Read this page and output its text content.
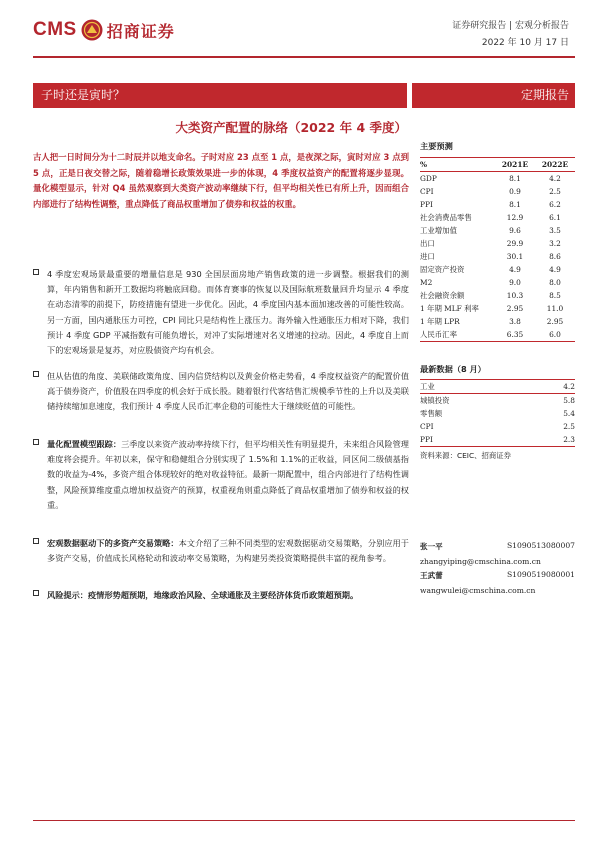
CMS 招商证券	证券研究报告 | 宏观分析报告
2022 年 10 月 17 日
子时还是寅时？	定期报告
大类资产配置的脉络（2022 年 4 季度）
古人把一日时间分为十二时辰并以地支命名。子时对应 23 点至 1 点，是夜深之际，寅时对应 3 点到 5 点，正是日夜交替之际，随着稳增长政策效果进一步的体现，4 季度权益资产的配置将逐步显现。量化模型显示，针对 Q4 虽然观察到大类资产波动率继续下行，但平均相关性已有所上升，因而组合内部进行了结构性调整，重点降低了商品权重增加了债券和权益的权重。
4 季度宏观场景最重要的增量信息是 930 全国层面房地产销售政策的进一步调整。根据我们的测算，年内销售和新开工数据均将触底回稳。而体育赛事的恢复以及国际航班数量回升均显示 4 季度在动态清零的前提下，防疫措施有望进一步优化。因此，4 季度国内基本面加速改善的可能性较高。另一方面，国内通胀压力可控，CPI 同比只是结构性上涨压力。海外输入性通胀压力相对下降，我们预计 4 季度 GDP 平减指数有可能负增长，对冲了实际增速对名义增速的拉动。因此，4 季度自上而下的宏观场景是复苏，对应股债资产均有机会。
但从估值的角度、美联储政策角度、国内信贷结构以及黄金价格走势看，4 季度权益资产的配置价值高于债券资产，价值股在四季度的机会好于成长股。随着银行代客结售汇规模季节性的上升以及美联储持续缩加息速度，我们预计 4 季度人民币汇率企稳的可能性大于继续贬值的可能性。
量化配置模型跟踪：三季度以来资产波动率持续下行，但平均相关性有明显提升，未来组合风险管理难度将会提升。年初以来，保守和稳健组合分别实现了 1.5%和 1.1%的正收益，同区间二级债基指数的收益为-4%，多资产组合体现较好的绝对收益特征。最新一期配置中，组合内部进行了结构性调整，风险预算维度重点增加权益资产的预算，权重视角则重点降低了商品权重增加了债券和权益的权重。
宏观数据驱动下的多资产交易策略：本文介绍了三种不同类型的宏观数据驱动交易策略，分别应用于多资产交易，价值成长风格轮动和波动率交易策略，为构建另类投资策略提供丰富的视角参考。
风险提示：疫情形势超预期，地缘政治风险、全球通胀及主要经济体货币政策超预期。
主要预测
%	2021E	2022E
GDP	8.1	4.2
CPI	0.9	2.5
PPI	8.1	6.2
社会消费品零售	12.9	6.1
工业增加值	9.6	3.5
出口	29.9	3.2
进口	30.1	8.6
固定资产投资	4.9	4.9
M2	9.0	8.0
社会融资余额	10.3	8.5
1 年期 MLF 利率	2.95	11.0
1 年期 LPR	3.8	2.95
人民币汇率	6.35	6.0
最新数据（8 月）
工业	4.2
城镇投资	5.8
零售额	5.4
CPI	2.5
PPI	2.3
资料来源：CEIC、招商证券
张一平	S1090513080007
zhangyiping@cmschina.com.cn
王武蕾	S1090519080001
wangwulei@cmschina.com.cn
